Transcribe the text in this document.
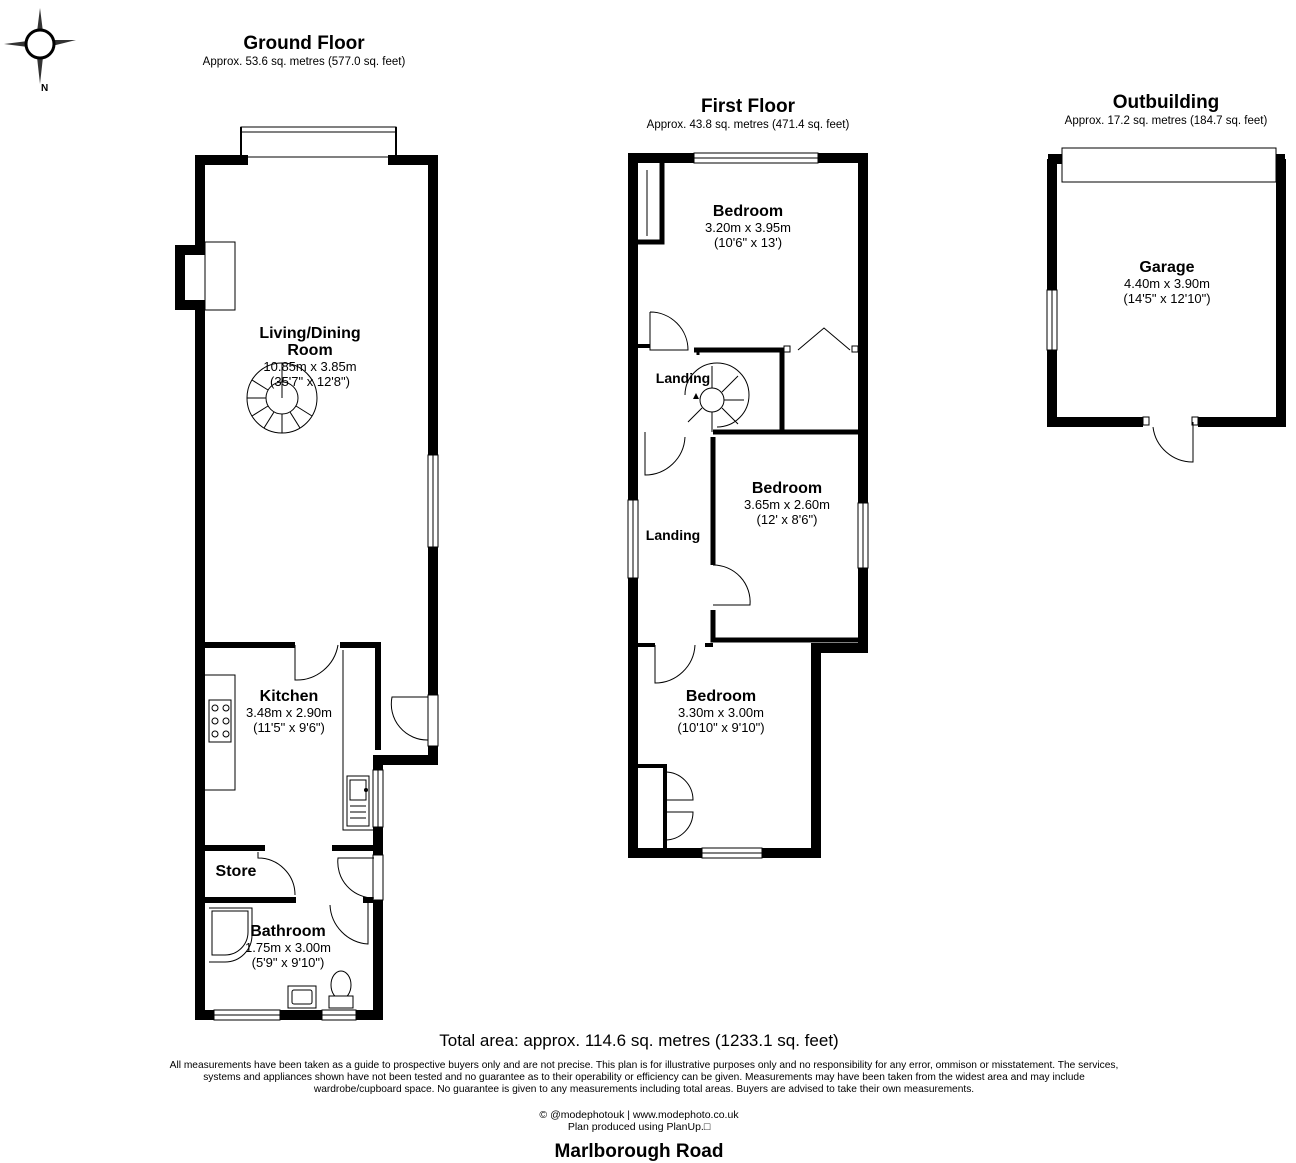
N
Ground Floor
Approx. 53.6 sq. metres (577.0 sq. feet)
Living/Dining
Room
10.85m x 3.85m
(35'7" x 12'8")
Kitchen
3.48m x 2.90m
(11'5" x 9'6")
Store
Bathroom
1.75m x 3.00m
(5'9" x 9'10")
First Floor
Approx. 43.8 sq. metres (471.4 sq. feet)
Bedroom
3.20m x 3.95m
(10'6" x 13')
Landing
Bedroom
3.65m x 2.60m
(12' x 8'6")
Landing
Bedroom
3.30m x 3.00m
(10'10" x 9'10")
Outbuilding
Approx. 17.2 sq. metres (184.7 sq. feet)
Garage
4.40m x 3.90m
(14'5" x 12'10")
Total area: approx. 114.6 sq. metres (1233.1 sq. feet)
All measurements have been taken as a guide to prospective buyers only and are not precise. This plan is for illustrative purposes only and no responsibility for any error, ommison or misstatement. The services,
systems and appliances shown have not been tested and no guarantee as to their operability or efficiency can be given. Measurements may have been taken from the widest area and may include
wardrobe/cupboard space. No guarantee is given to any measurements including total areas. Buyers are advised to take their own measurements.
© @modephotouk | www.modephoto.co.uk
Plan produced using PlanUp.□
Marlborough Road
